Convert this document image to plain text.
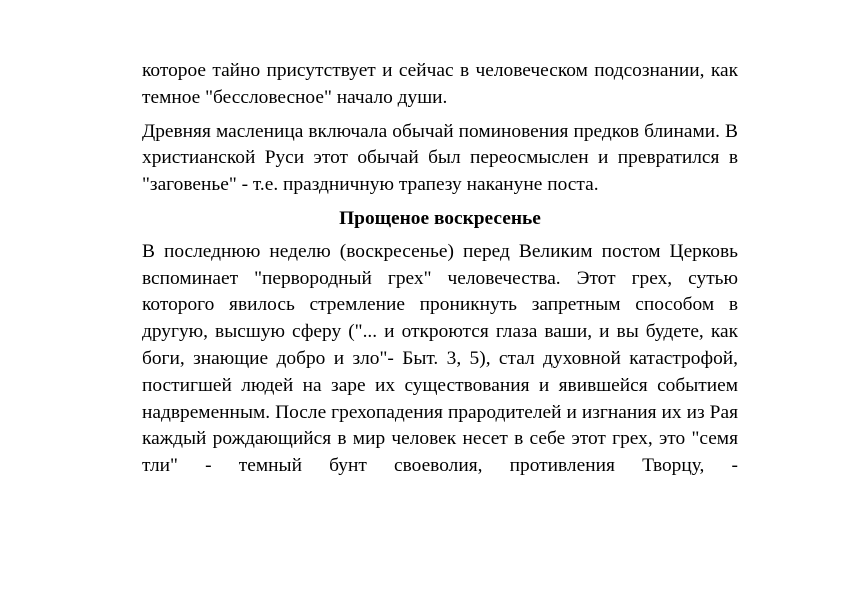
которое тайно присутствует и сейчас в человеческом подсознании, как темное "бессловесное" начало души.

Древняя масленица включала обычай поминовения предков блинами. В христианской Руси этот обычай был переосмыслен и превратился в "заговенье" - т.е. праздничную трапезу накануне поста.

Прощеное воскресенье

В последнюю неделю (воскресенье) перед Великим постом Церковь вспоминает "первородный грех" человечества. Этот грех, сутью которого явилось стремление проникнуть запретным способом в другую, высшую сферу ("... и откроются глаза ваши, и вы будете, как боги, знающие добро и зло"- Быт. 3, 5), стал духовной катастрофой, постигшей людей на заре их существования и явившейся событием надвременным. После грехопадения прародителей и изгнания их из Рая каждый рождающийся в мир человек несет в себе этот грех, это "семя тли" - темный бунт своеволия, противления Творцу, -
